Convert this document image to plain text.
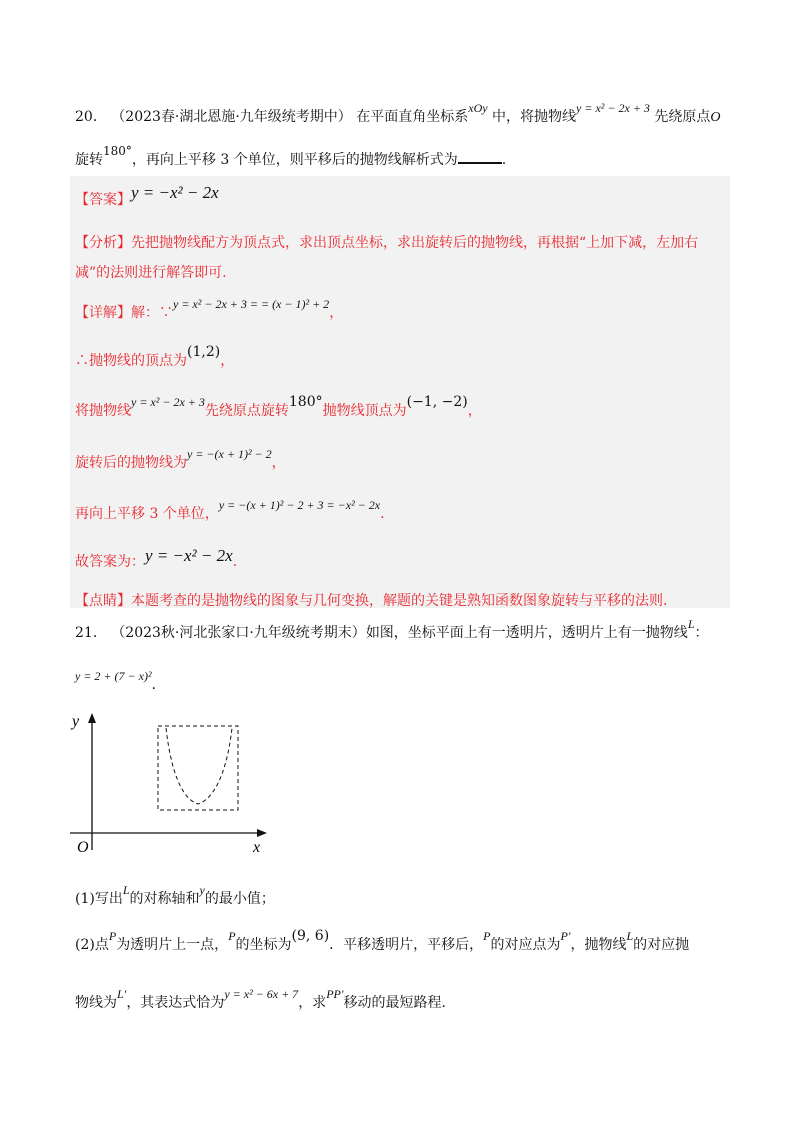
20． （2023春·湖北恩施·九年级统考期中） 在平面直角坐标系xOy 中，将抛物线y = x² − 2x + 3 先绕原点O
旋转180°，再向上平移 3 个单位，则平移后的抛物线解析式为	.
【答案】y = −x² − 2x
【分析】先把抛物线配方为顶点式，求出顶点坐标，求出旋转后的抛物线，再根据“上加下减，左加右
减”的法则进行解答即可.
【详解】解：∵y = x² − 2x + 3 = = (x − 1)² + 2，
∴抛物线的顶点为(1,2)，
将抛物线y = x² − 2x + 3先绕原点旋转180°抛物线顶点为(−1, −2)，
旋转后的抛物线为y = −(x + 1)² − 2，
再向上平移 3 个单位，y = −(x + 1)² − 2 + 3 = −x² − 2x.
故答案为：y = −x² − 2x.
【点睛】本题考查的是抛物线的图象与几何变换，解题的关键是熟知函数图象旋转与平移的法则.
21． （2023秋·河北张家口·九年级统考期末）如图，坐标平面上有一透明片，透明片上有一抛物线L：
y = 2 + (7 − x)².
y
O	x
(1)写出L的对称轴和y的最小值；
(2)点P为透明片上一点，P的坐标为(9, 6)．平移透明片，平移后，P的对应点为P′，抛物线L的对应抛
物线为L′，其表达式恰为y = x² − 6x + 7，求PP′移动的最短路程.
